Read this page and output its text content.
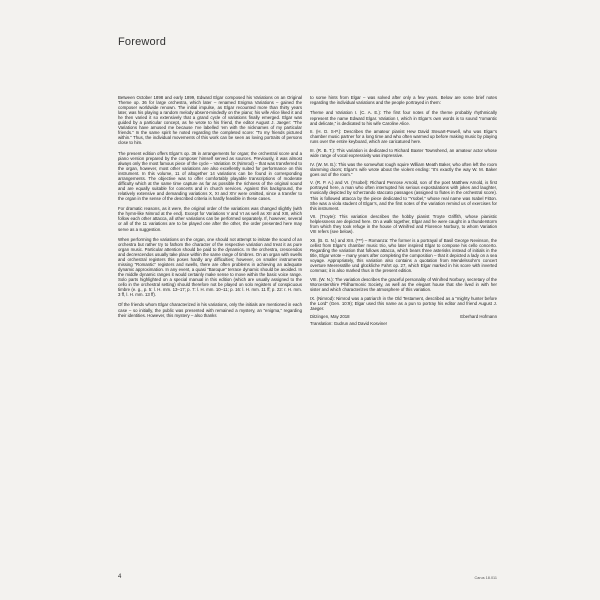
Foreword

Between October 1898 and early 1899, Edward Elgar composed his Variations on an Original Theme op. 36 for large orchestra, which later – renamed Enigma Variations – gained the composer worldwide renown. The initial impulse, as Elgar recounted more than thirty years later, was his playing a random melody absent-mindedly on the piano; his wife Alice liked it and he then varied it so extensively that a grand cycle of variations finally emerged. Elgar was guided by a particular concept, as he wrote to his friend, the editor August J. Jaeger: “The Variations have amused me because I’ve labelled ’em with the nicknames of my particular friends.” In the same spirit he noted regarding the completed score: “To my friends pictured within.” Thus, the individual movements of this work can be seen as loving portraits of persons close to him.

The present edition offers Elgar’s op. 36 in arrangements for organ; the orchestral score and a piano version prepared by the composer himself served as sources. Previously, it was almost always only the most famous piece of the cycle – Variation IX (Nimrod) – that was transferred to the organ, however, most other variations are also excellently suited for performance on this instrument. In this volume, 11 of altogether 14 variations can be found in corresponding arrangements. The objective was to offer comfortably playable transcriptions of moderate difficulty which at the same time capture as far as possible the richness of the original sound and are equally suitable for concerts and in church services. Against this background, the relatively extensive and demanding variations X, XI and XIV were omitted, since a transfer to the organ in the sense of the described criteria is hardly feasible in these cases.

For dramatic reasons, as it were, the original order of the variations was changed slightly (with the hymn-like Nimrod at the end). Except for Variations V and VI as well as XII and XIII, which follow each other attacca, all other variations can be performed separately. If, however, several or all of the 11 variations are to be played one after the other, the order presented here may serve as a suggestion.

When performing the variations on the organ, one should not attempt to imitate the sound of an orchestra but rather try to fathom the character of the respective variation and treat it as pure organ music. Particular attention should be paid to the dynamics. In the orchestra, crescendos and decrescendos usually take place within the same range of timbres. On an organ with swells and orchestral registers this poses hardly any difficulties; however, on smaller instruments missing “Romantic” registers and swells, there are often problems in achieving an adequate dynamic approximation. In any event, a quasi “Baroque” terrace dynamic should be avoided. In the middle dynamic ranges it would certainly make sense to move within the basic voice range. Solo parts highlighted on a special manual in this edition (which are usually assigned to the cello in the orchestral setting) should therefore not be played on solo registers of conspicuous timbre (e. g., p. 5: l. H. mm. 13–17; p. 7: l. H. mm. 10–11; p. 16: l. H. mm. 11 ff; p. 22: r. H. mm. 3 ff, l. H. mm. 13 ff).

Of the friends whom Elgar characterized in his variations, only the initials are mentioned in each case – so initially, the public was presented with remained a mystery, an “enigma,” regarding their identities. However, this mystery – also thanks

to some hints from Elgar – was solved after only a few years. Below are some brief notes regarding the individual variations and the people portrayed in them:

Theme and Variation I. (C. A. E.): The first four notes of the theme probably rhythmically represent the name Edward Elgar. Variation I, which in Elgar’s own words is to sound “romantic and delicate,” is dedicated to his wife Caroline Alice.

II. (H. D. S-P.): Describes the amateur pianist Hew David Steuart-Powell, who was Elgar’s chamber music partner for a long time and who often warmed up before making music by playing runs over the entire keyboard, which are caricatured here.

III. (R. B. T.): This variation is dedicated to Richard Baxter Townshend, an amateur actor whose wide range of vocal expressivity was impressive.

IV. (W. M. B.): This was the somewhat rough squire William Meath Baker, who often left the room slamming doors; Elgar’s wife wrote about the violent ending: “It’s exactly the way W. M. Baker goes out of the room.”

V. (R. P. A.) and VI. (Ysobel): Richard Penrose Arnold, son of the poet Matthew Arnold, is first portrayed here, a man who often interrupted his serious expostulations with jokes and laughter, musically depicted by scherzando staccato passages (assigned to flutes in the orchestral score). This is followed attacca by the piece dedicated to “Ysobel,” whose real name was Isabel Fitton. She was a viola student of Elgar’s, and the first notes of the variation remind us of exercises for this instrument.

VII. (Troyte): This variation describes the hobby pianist Troyte Griffith, whose pianistic helplessness are depicted here. On a walk together, Elgar and he were caught in a thunderstorm from which they took refuge in the house of Winifred and Florence Norbury, to whom Variation VIII refers (see below).

XII. (B. G. N.) and XIII. (***) – Romanza: The former is a portrayal of Basil George Nevinson, the cellist from Elgar’s chamber music trio, who later inspired Elgar to compose his cello concerto. Regarding the variation that follows attacca, which bears three asterisks instead of initials in the title, Elgar wrote – many years after completing the composition – that it depicted a lady on a sea voyage. Appropriately, this variation also contains a quotation from Mendelssohn’s concert overture Meeresstille und glückliche Fahrt op. 27, which Elgar marked in his score with inverted commas; it is also marked thus in the present edition.

VIII. (W. N.): The variation describes the graceful personality of Winifred Norbury, secretary of the Worcestershire Philharmonic Society, as well as the elegant house that she lived in with her sister and which characterizes the atmosphere of this variation.

IX. (Nimrod): Nimrod was a patriarch in the Old Testament, described as a “mighty hunter before the Lord” (Gen. 10:9); Elgar used this name as a pun to portray his editor and friend August J. Jaeger.

Ditzingen, May 2018	Eberhard Hofmann
Translation: Gudrun and David Kosviner
4	Carus 18.011
